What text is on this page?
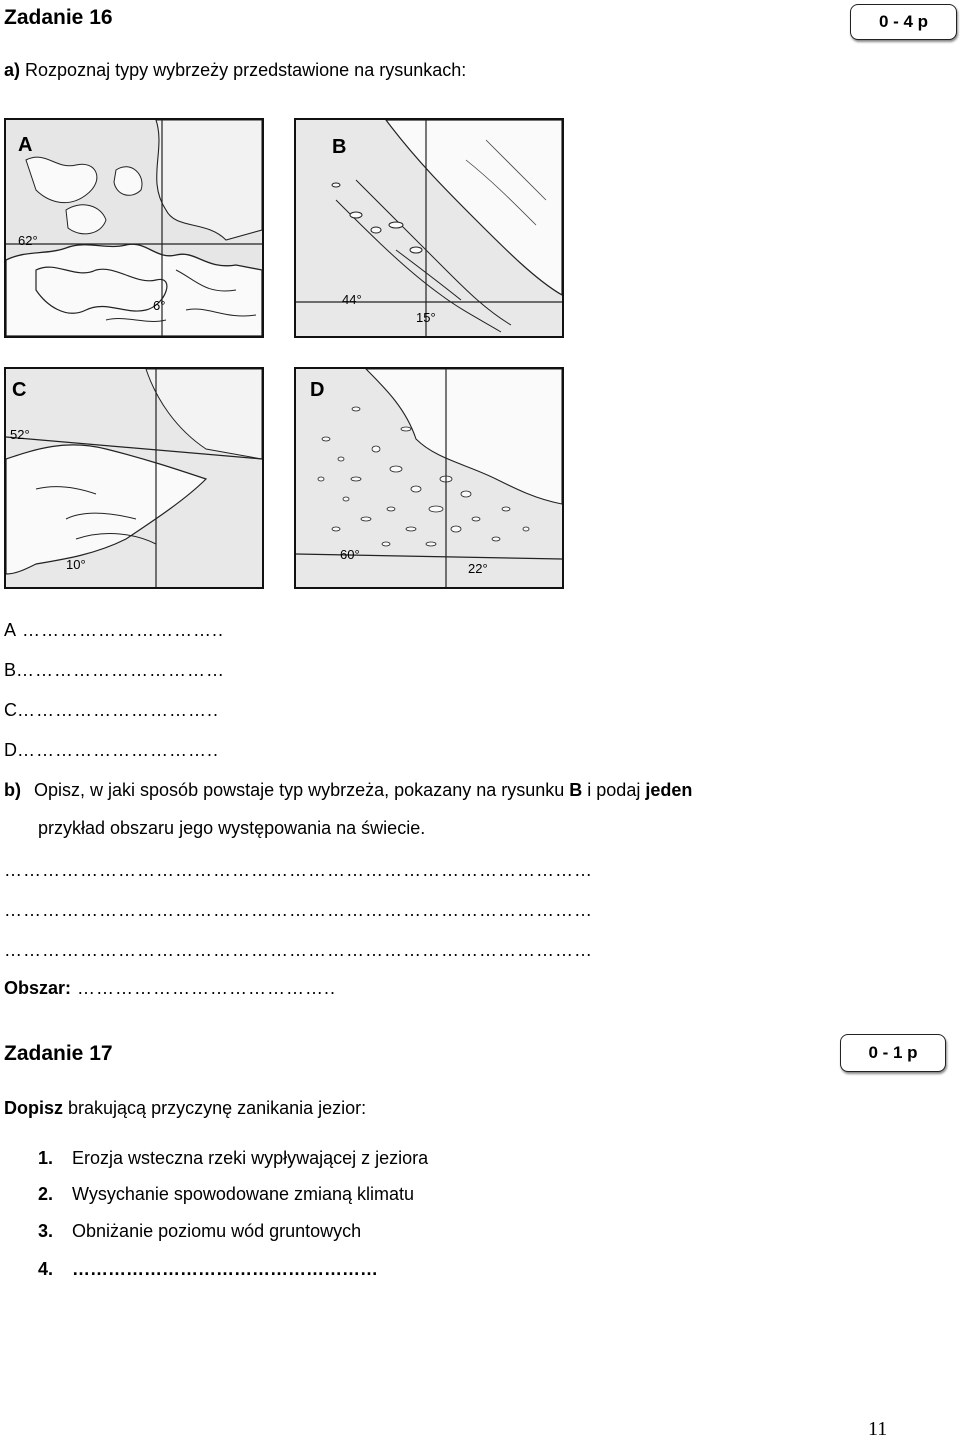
Zadanie 16	0 - 4 p
a) Rozpoznaj typy wybrzeży przedstawione na rysunkach:
A
62°
6°
B
44°
15°
C
52°
10°
D
60°
22°
A …………………………..
B……………………………
C…………………………..
D…………………………..
b) Opisz, w jaki sposób powstaje typ wybrzeża, pokazany na rysunku B i podaj jeden
przykład obszaru jego występowania na świecie.
…………………………………………………………………………………
…………………………………………………………………………………
…………………………………………………………………………………
Obszar: …………………………………..
Zadanie 17	0 - 1 p
Dopisz brakującą przyczynę zanikania jezior:
1. Erozja wsteczna rzeki wypływającej z jeziora
2. Wysychanie spowodowane zmianą klimatu
3. Obniżanie poziomu wód gruntowych
4. ……………………………………………
11
